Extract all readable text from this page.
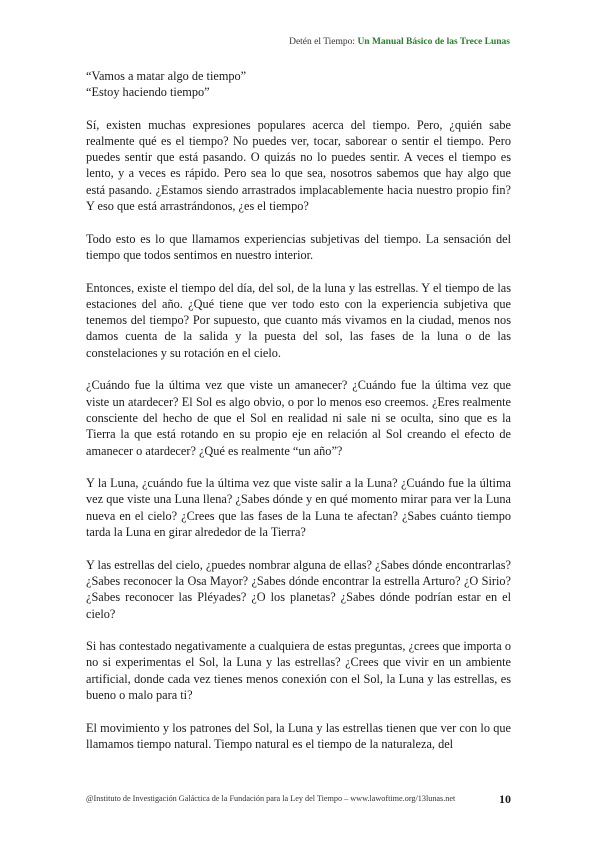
Detén el Tiempo: Un Manual Básico de las Trece Lunas

“Vamos a matar algo de tiempo”

“Estoy haciendo tiempo”

Sí, existen muchas expresiones populares acerca del tiempo. Pero, ¿quién sabe realmente qué es el tiempo? No puedes ver, tocar, saborear o sentir el tiempo. Pero puedes sentir que está pasando. O quizás no lo puedes sentir. A veces el tiempo es lento, y a veces es rápido. Pero sea lo que sea, nosotros sabemos que hay algo que está pasando. ¿Estamos siendo arrastrados implacablemente hacia nuestro propio fin? Y eso que está arrastrándonos, ¿es el tiempo?

Todo esto es lo que llamamos experiencias subjetivas del tiempo. La sensación del tiempo que todos sentimos en nuestro interior.

Entonces, existe el tiempo del día, del sol, de la luna y las estrellas. Y el tiempo de las estaciones del año. ¿Qué tiene que ver todo esto con la experiencia subjetiva que tenemos del tiempo? Por supuesto, que cuanto más vivamos en la ciudad, menos nos damos cuenta de la salida y la puesta del sol, las fases de la luna o de las constelaciones y su rotación en el cielo.

¿Cuándo fue la última vez que viste un amanecer? ¿Cuándo fue la última vez que viste un atardecer? El Sol es algo obvio, o por lo menos eso creemos. ¿Eres realmente consciente del hecho de que el Sol en realidad ni sale ni se oculta, sino que es la Tierra la que está rotando en su propio eje en relación al Sol creando el efecto de amanecer o atardecer? ¿Qué es realmente “un año”?

Y la Luna, ¿cuándo fue la última vez que viste salir a la Luna? ¿Cuándo fue la última vez que viste una Luna llena? ¿Sabes dónde y en qué momento mirar para ver la Luna nueva en el cielo? ¿Crees que las fases de la Luna te afectan? ¿Sabes cuánto tiempo tarda la Luna en girar alrededor de la Tierra?

Y las estrellas del cielo, ¿puedes nombrar alguna de ellas? ¿Sabes dónde encontrarlas? ¿Sabes reconocer la Osa Mayor? ¿Sabes dónde encontrar la estrella Arturo? ¿O Sirio? ¿Sabes reconocer las Pléyades? ¿O los planetas? ¿Sabes dónde podrían estar en el cielo?

Si has contestado negativamente a cualquiera de estas preguntas, ¿crees que importa o no si experimentas el Sol, la Luna y las estrellas? ¿Crees que vivir en un ambiente artificial, donde cada vez tienes menos conexión con el Sol, la Luna y las estrellas, es bueno o malo para ti?

El movimiento y los patrones del Sol, la Luna y las estrellas tienen que ver con lo que llamamos tiempo natural. Tiempo natural es el tiempo de la naturaleza, del

@Instituto de Investigación Galáctica de la Fundación para la Ley del Tiempo – www.lawoftime.org/13lunas.net	10
